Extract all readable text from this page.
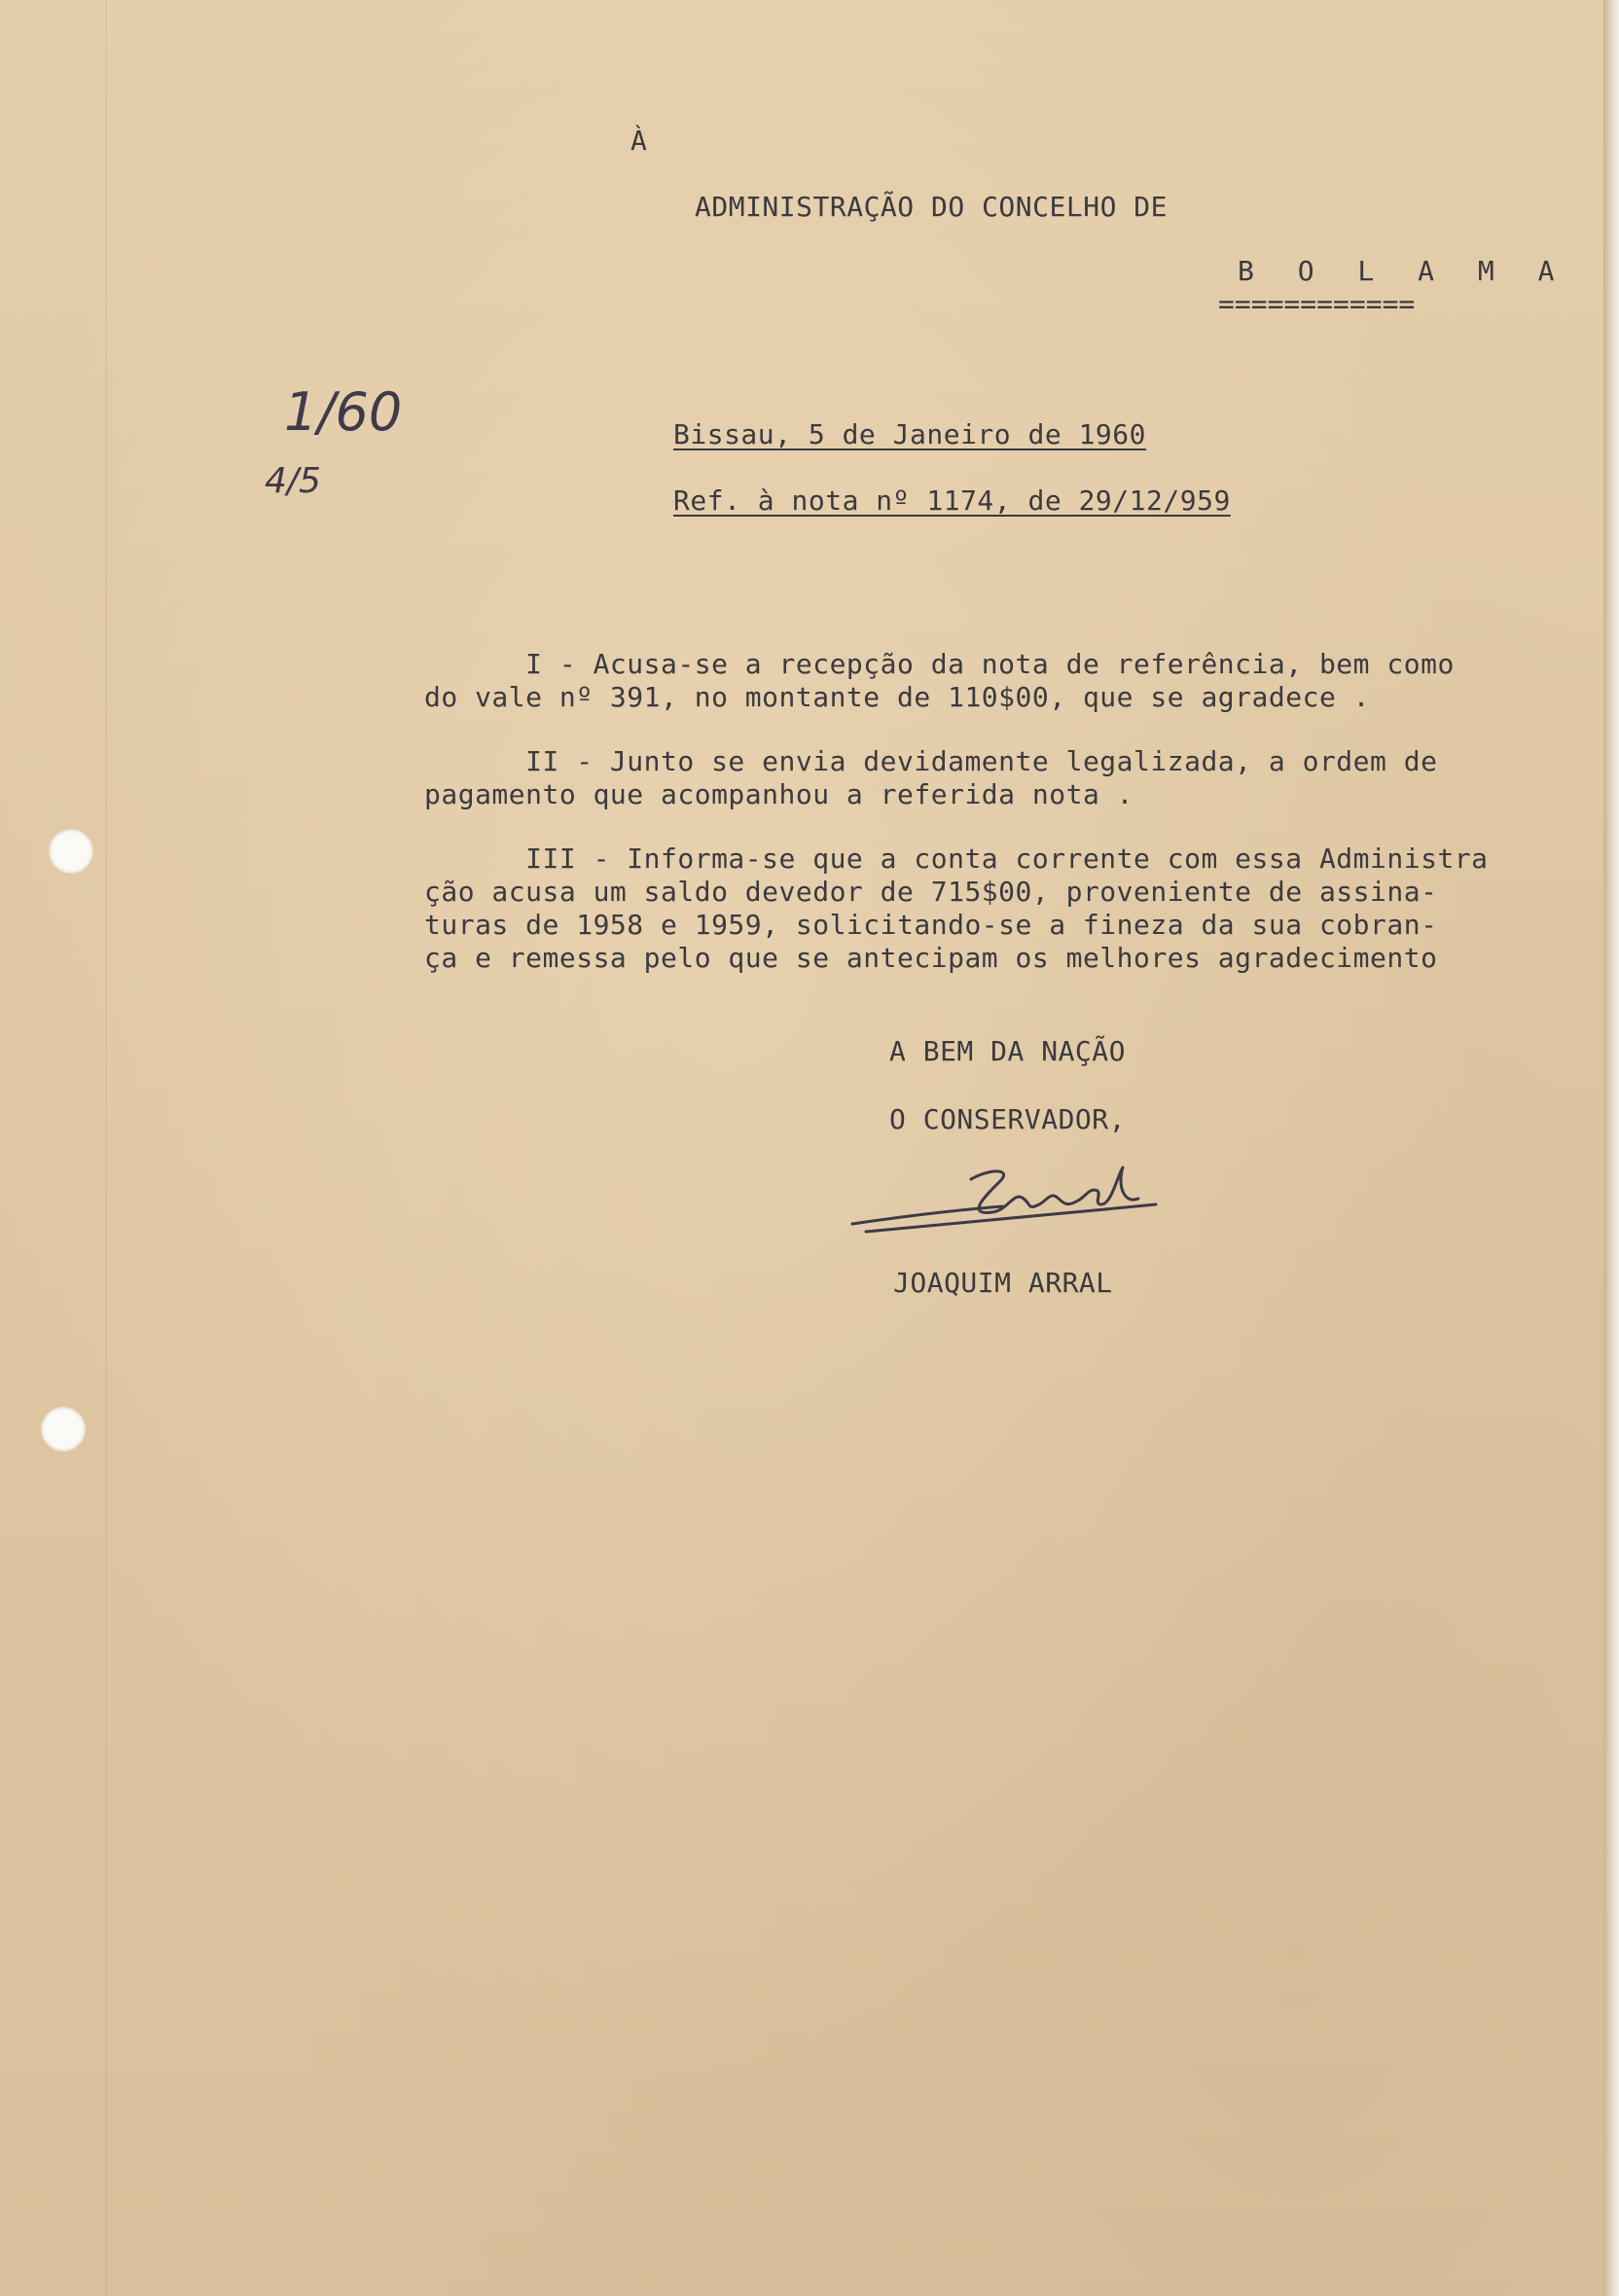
À

ADMINISTRAÇÃO DO CONCELHO DE

B O L A M A

============

1/60
4/5

Bissau, 5 de Janeiro de 1960

Ref. à nota nº 1174, de 29/12/959

I - Acusa-se a recepção da nota de referência, bem como

do vale nº 391, no montante de 110$00, que se agradece .

II - Junto se envia devidamente legalizada, a ordem de

pagamento que acompanhou a referida nota .

III - Informa-se que a conta corrente com essa Administra

ção acusa um saldo devedor de 715$00, proveniente de assina-

turas de 1958 e 1959, solicitando-se a fineza da sua cobran-

ça e remessa pelo que se antecipam os melhores agradecimento

A BEM DA NAÇÃO

O CONSERVADOR,

JAeral

JOAQUIM ARRAL
